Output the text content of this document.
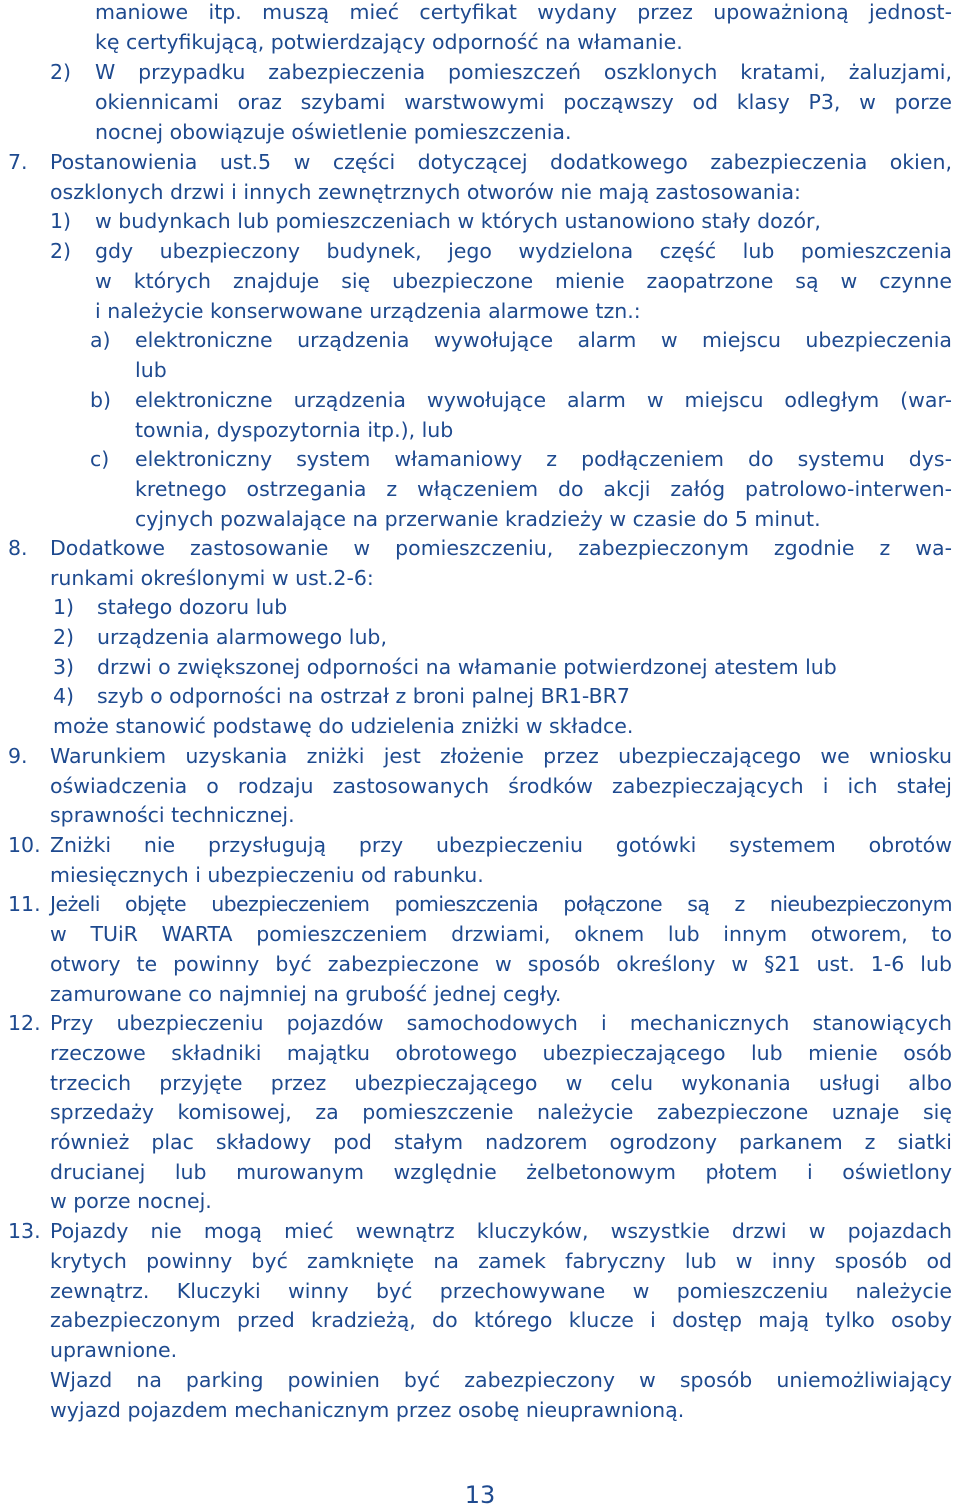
maniowe itp. muszą mieć certyfikat wydany przez upoważnioną jednost-
kę certyfikującą, potwierdzający odporność na włamanie.
2) W przypadku zabezpieczenia pomieszczeń oszklonych kratami, żaluzjami,
okiennicami oraz szybami warstwowymi począwszy od klasy P3, w porze
nocnej obowiązuje oświetlenie pomieszczenia.
7. Postanowienia ust.5 w części dotyczącej dodatkowego zabezpieczenia okien,
oszklonych drzwi i innych zewnętrznych otworów nie mają zastosowania:
1) w budynkach lub pomieszczeniach w których ustanowiono stały dozór,
2) gdy ubezpieczony budynek, jego wydzielona część lub pomieszczenia
w których znajduje się ubezpieczone mienie zaopatrzone są w czynne
i należycie konserwowane urządzenia alarmowe tzn.:
a) elektroniczne urządzenia wywołujące alarm w miejscu ubezpieczenia
lub
b) elektroniczne urządzenia wywołujące alarm w miejscu odległym (war-
townia, dyspozytornia itp.), lub
c) elektroniczny system włamaniowy z podłączeniem do systemu dys-
kretnego ostrzegania z włączeniem do akcji załóg patrolowo-interwen-
cyjnych pozwalające na przerwanie kradzieży w czasie do 5 minut.
8. Dodatkowe zastosowanie w pomieszczeniu, zabezpieczonym zgodnie z wa-
runkami określonymi w ust.2-6:
1) stałego dozoru lub
2) urządzenia alarmowego lub,
3) drzwi o zwiększonej odporności na włamanie potwierdzonej atestem lub
4) szyb o odporności na ostrzał z broni palnej BR1-BR7
może stanowić podstawę do udzielenia zniżki w składce.
9. Warunkiem uzyskania zniżki jest złożenie przez ubezpieczającego we wniosku
oświadczenia o rodzaju zastosowanych środków zabezpieczających i ich stałej
sprawności technicznej.
10. Zniżki nie przysługują przy ubezpieczeniu gotówki systemem obrotów
miesięcznych i ubezpieczeniu od rabunku.
11. Jeżeli objęte ubezpieczeniem pomieszczenia połączone są z nieubezpieczonym
w TUiR WARTA pomieszczeniem drzwiami, oknem lub innym otworem, to
otwory te powinny być zabezpieczone w sposób określony w §21 ust. 1-6 lub
zamurowane co najmniej na grubość jednej cegły.
12. Przy ubezpieczeniu pojazdów samochodowych i mechanicznych stanowiących
rzeczowe składniki majątku obrotowego ubezpieczającego lub mienie osób
trzecich przyjęte przez ubezpieczającego w celu wykonania usługi albo
sprzedaży komisowej, za pomieszczenie należycie zabezpieczone uznaje się
również plac składowy pod stałym nadzorem ogrodzony parkanem z siatki
drucianej lub murowanym względnie żelbetonowym płotem i oświetlony
w porze nocnej.
13. Pojazdy nie mogą mieć wewnątrz kluczyków, wszystkie drzwi w pojazdach
krytych powinny być zamknięte na zamek fabryczny lub w inny sposób od
zewnątrz. Kluczyki winny być przechowywane w pomieszczeniu należycie
zabezpieczonym przed kradzieżą, do którego klucze i dostęp mają tylko osoby
uprawnione.
Wjazd na parking powinien być zabezpieczony w sposób uniemożliwiający
wyjazd pojazdem mechanicznym przez osobę nieuprawnioną.
13
